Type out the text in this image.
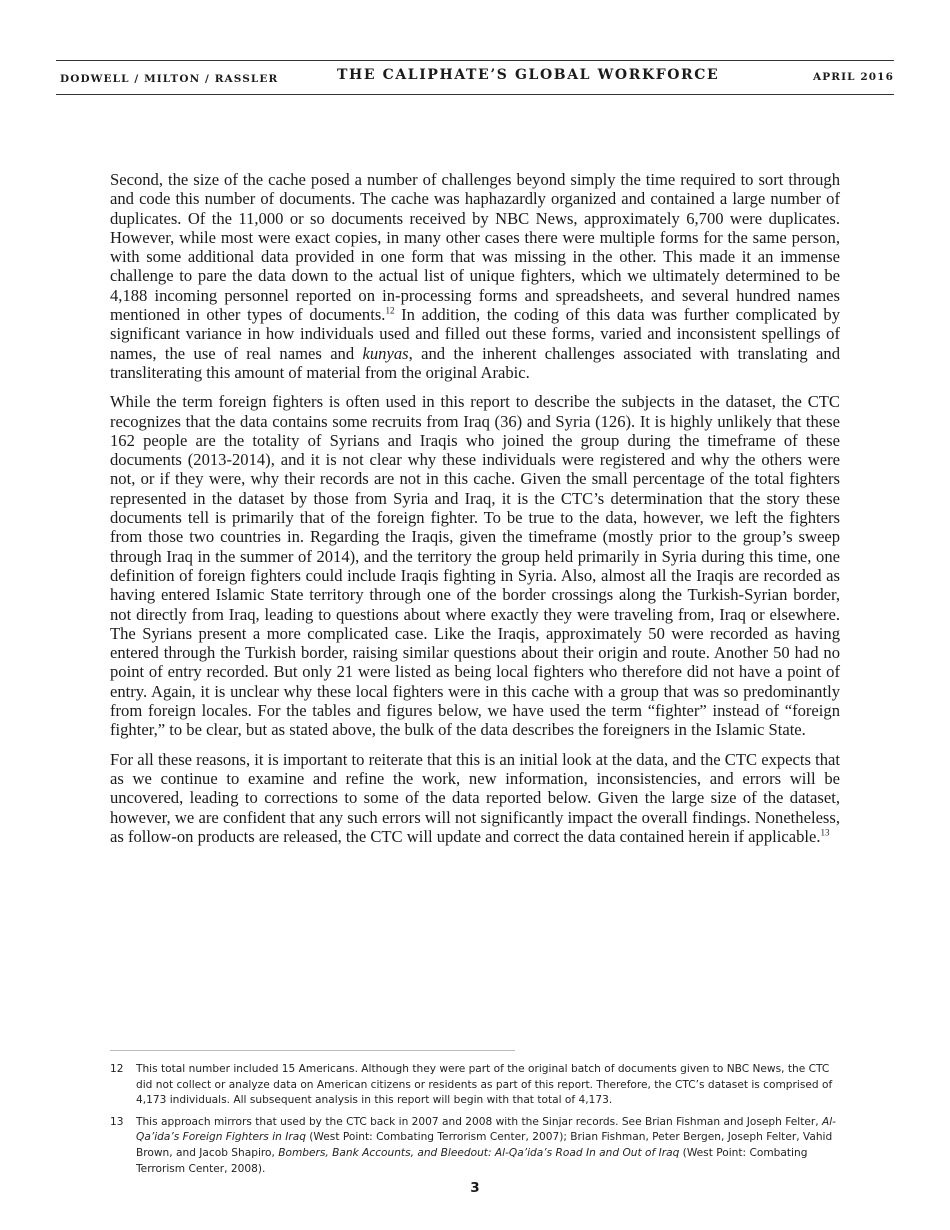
DODWELL / MILTON / RASSLER	THE CALIPHATE’S GLOBAL WORKFORCE	APRIL 2016

Second, the size of the cache posed a number of challenges beyond simply the time required to sort through and code this number of documents. The cache was haphazardly organized and contained a large number of duplicates. Of the 11,000 or so documents received by NBC News, approximately 6,700 were duplicates. However, while most were exact copies, in many other cases there were multiple forms for the same person, with some additional data provided in one form that was missing in the other. This made it an immense challenge to pare the data down to the actual list of unique fighters, which we ultimately determined to be 4,188 incoming personnel reported on in-processing forms and spreadsheets, and several hundred names mentioned in other types of documents.$^{12}$ In addition, the coding of this data was further complicated by significant variance in how individuals used and filled out these forms, varied and inconsistent spellings of names, the use of real names and kunyas, and the inherent challenges associated with translating and transliterating this amount of material from the original Arabic.

While the term foreign fighters is often used in this report to describe the subjects in the dataset, the CTC recognizes that the data contains some recruits from Iraq (36) and Syria (126). It is highly unlikely that these 162 people are the totality of Syrians and Iraqis who joined the group during the timeframe of these documents (2013-2014), and it is not clear why these individuals were registered and why the others were not, or if they were, why their records are not in this cache. Given the small percentage of the total fighters represented in the dataset by those from Syria and Iraq, it is the CTC’s determination that the story these documents tell is primarily that of the foreign fighter. To be true to the data, however, we left the fighters from those two countries in. Regarding the Iraqis, given the timeframe (mostly prior to the group’s sweep through Iraq in the summer of 2014), and the territory the group held primarily in Syria during this time, one definition of foreign fighters could include Iraqis fighting in Syria. Also, almost all the Iraqis are recorded as having entered Islamic State territory through one of the border crossings along the Turkish-Syrian border, not directly from Iraq, leading to questions about where exactly they were traveling from, Iraq or elsewhere. The Syrians present a more complicated case. Like the Iraqis, approximately 50 were recorded as having entered through the Turkish border, raising similar questions about their origin and route. Another 50 had no point of entry recorded. But only 21 were listed as being local fighters who therefore did not have a point of entry. Again, it is unclear why these local fighters were in this cache with a group that was so predominantly from foreign locales. For the tables and figures below, we have used the term “fighter” instead of “foreign fighter,” to be clear, but as stated above, the bulk of the data describes the foreigners in the Islamic State.

For all these reasons, it is important to reiterate that this is an initial look at the data, and the CTC expects that as we continue to examine and refine the work, new information, inconsistencies, and errors will be uncovered, leading to corrections to some of the data reported below. Given the large size of the dataset, however, we are confident that any such errors will not significantly impact the overall findings. Nonetheless, as follow-on products are released, the CTC will update and correct the data contained herein if applicable.$^{13}$

12 This total number included 15 Americans. Although they were part of the original batch of documents given to NBC News, the CTC did not collect or analyze data on American citizens or residents as part of this report. Therefore, the CTC’s dataset is comprised of 4,173 individuals. All subsequent analysis in this report will begin with that total of 4,173.
13 This approach mirrors that used by the CTC back in 2007 and 2008 with the Sinjar records. See Brian Fishman and Joseph Felter, Al-Qa’ida’s Foreign Fighters in Iraq (West Point: Combating Terrorism Center, 2007); Brian Fishman, Peter Bergen, Joseph Felter, Vahid Brown, and Jacob Shapiro, Bombers, Bank Accounts, and Bleedout: Al-Qa’ida’s Road In and Out of Iraq (West Point: Combating Terrorism Center, 2008).
3
